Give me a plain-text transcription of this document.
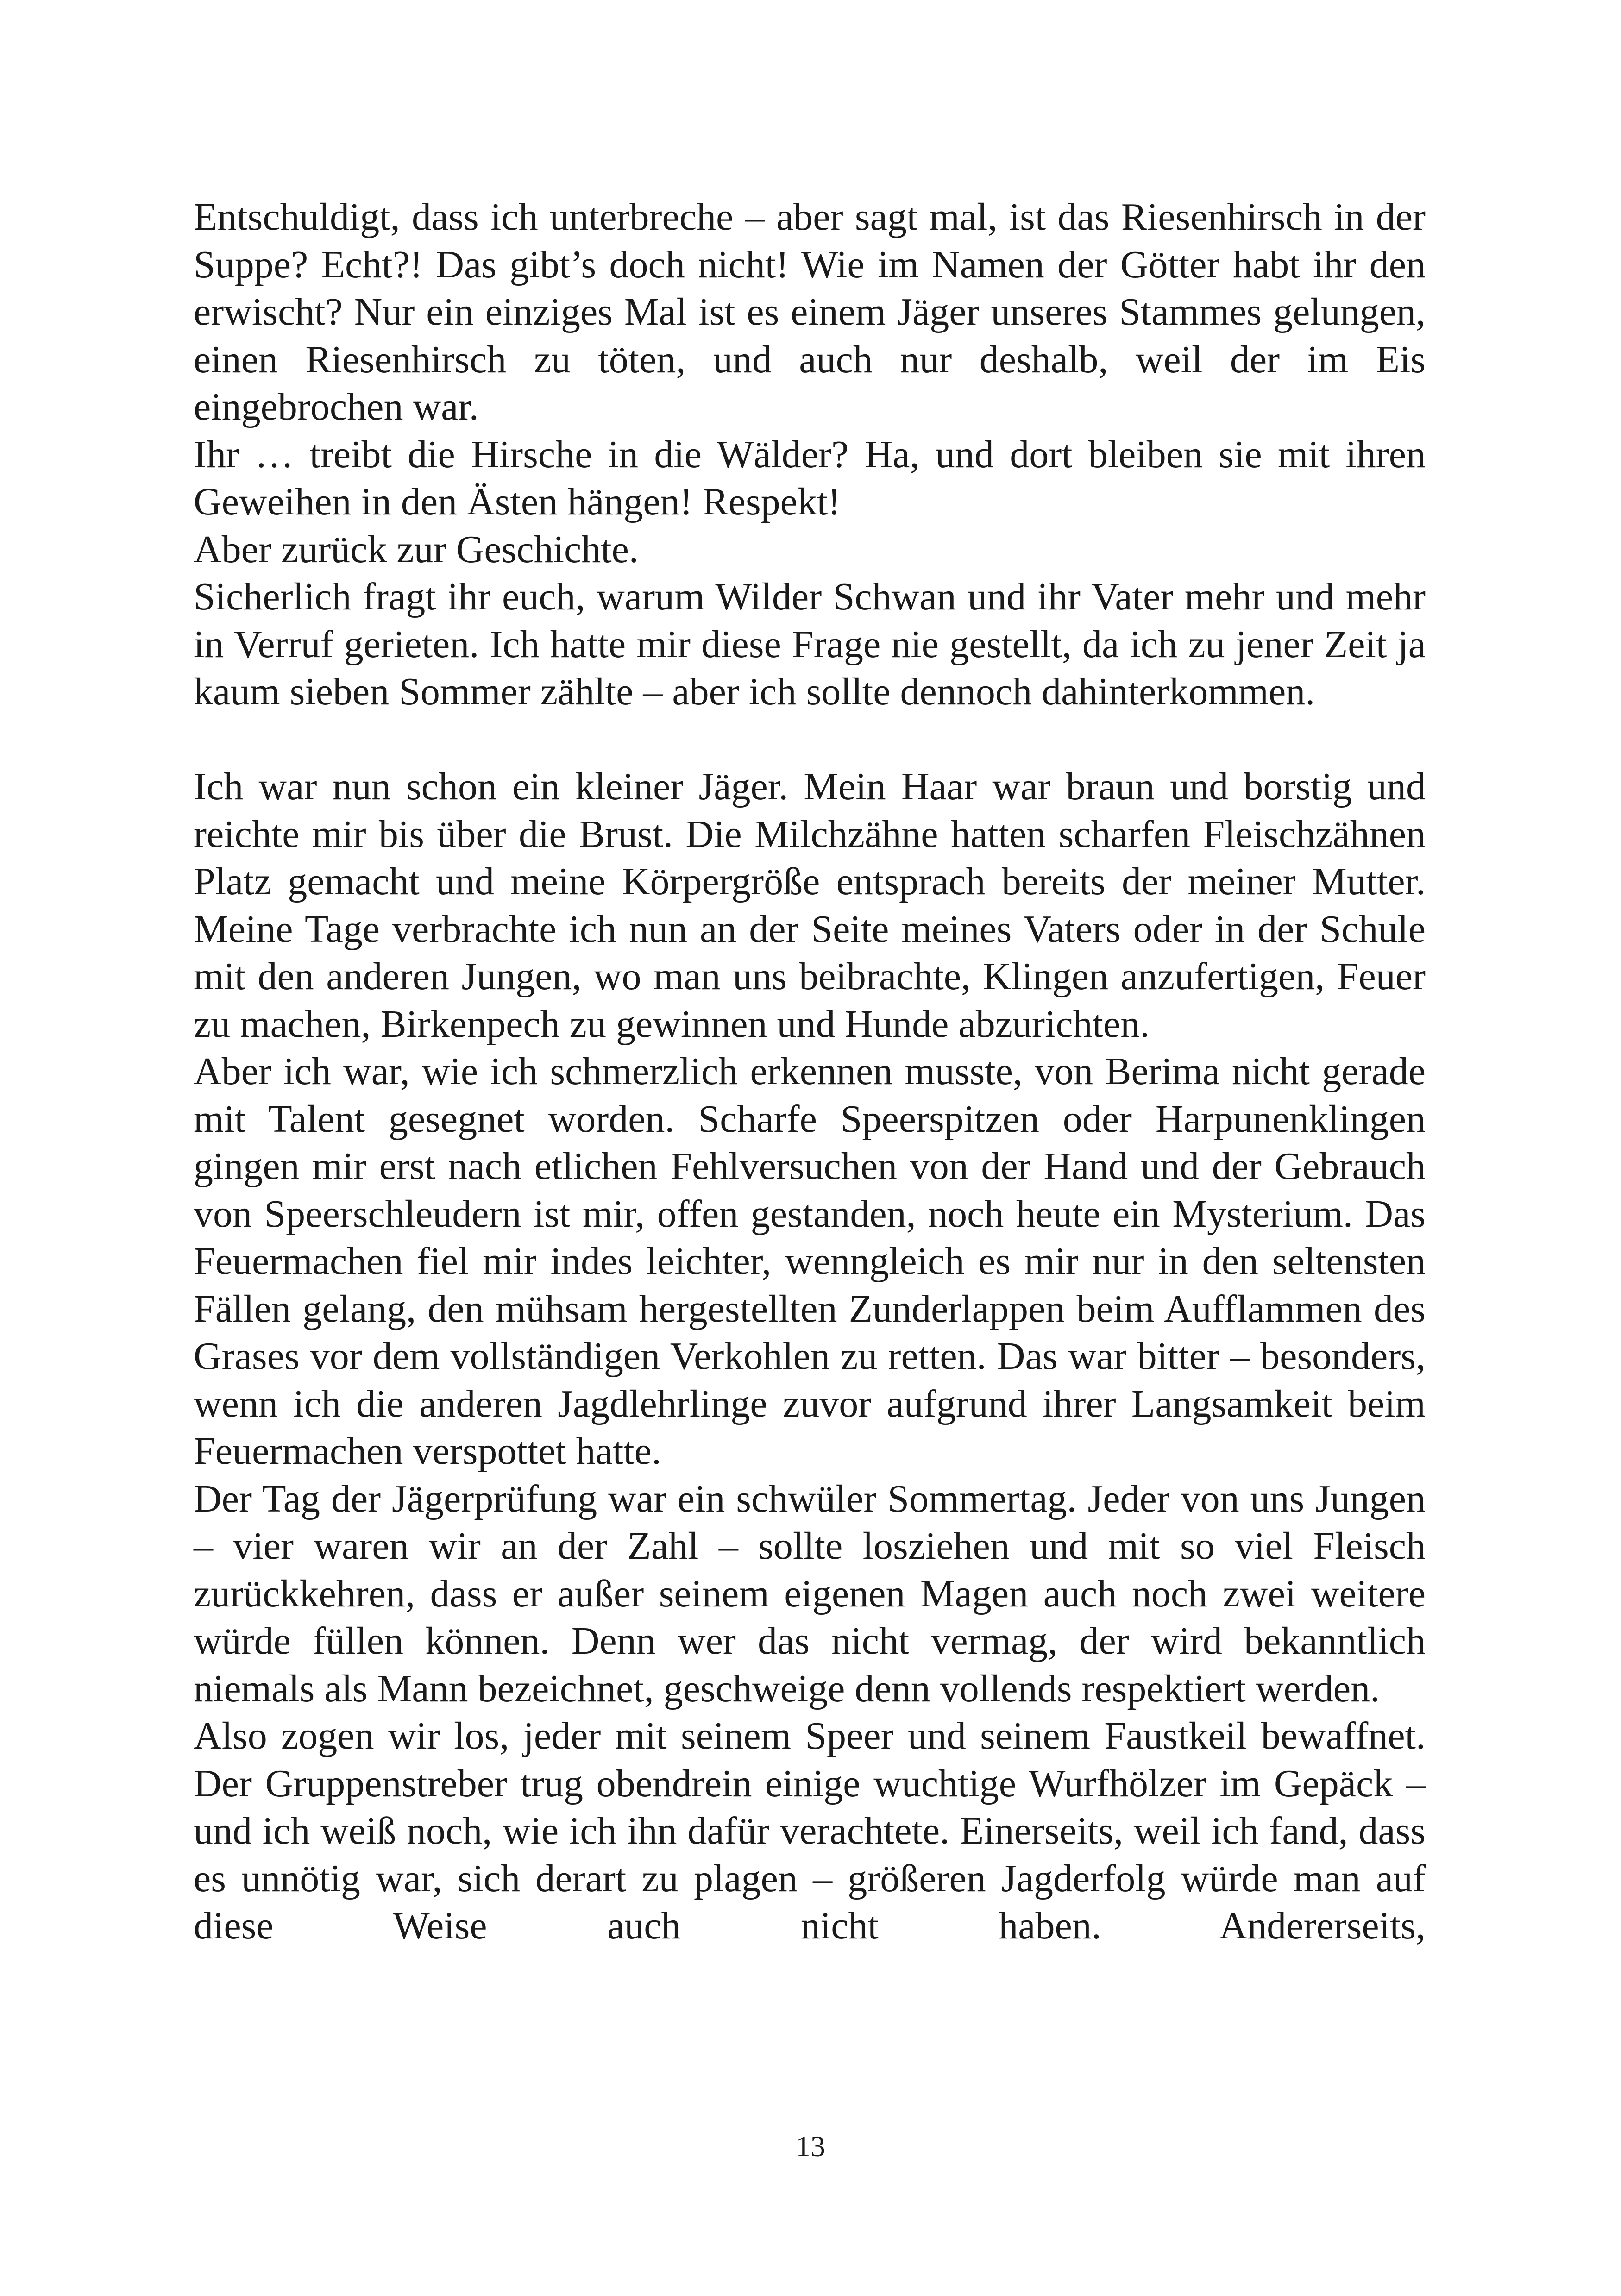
Entschuldigt, dass ich unterbreche – aber sagt mal, ist das Riesenhirsch in der Suppe? Echt?! Das gibt’s doch nicht! Wie im Namen der Götter habt ihr den erwischt? Nur ein einziges Mal ist es einem Jäger unseres Stammes gelungen, einen Riesenhirsch zu töten, und auch nur deshalb, weil der im Eis eingebrochen war.

Ihr … treibt die Hirsche in die Wälder? Ha, und dort bleiben sie mit ihren Geweihen in den Ästen hängen! Respekt!

Aber zurück zur Geschichte.

Sicherlich fragt ihr euch, warum Wilder Schwan und ihr Vater mehr und mehr in Verruf gerieten. Ich hatte mir diese Frage nie gestellt, da ich zu jener Zeit ja kaum sieben Sommer zählte – aber ich sollte dennoch dahinterkommen.

Ich war nun schon ein kleiner Jäger. Mein Haar war braun und borstig und reichte mir bis über die Brust. Die Milchzähne hatten scharfen Fleischzähnen Platz gemacht und meine Körpergröße entsprach bereits der meiner Mutter. Meine Tage verbrachte ich nun an der Seite meines Vaters oder in der Schule mit den anderen Jungen, wo man uns beibrachte, Klingen anzufertigen, Feuer zu machen, Birkenpech zu gewinnen und Hunde abzurichten.

Aber ich war, wie ich schmerzlich erkennen musste, von Berima nicht gerade mit Talent gesegnet worden. Scharfe Speerspitzen oder Harpunenklingen gingen mir erst nach etlichen Fehlversuchen von der Hand und der Gebrauch von Speerschleudern ist mir, offen gestanden, noch heute ein Mysterium. Das Feuermachen fiel mir indes leichter, wenngleich es mir nur in den seltensten Fällen gelang, den mühsam hergestellten Zunderlappen beim Aufflammen des Grases vor dem vollständigen Verkohlen zu retten. Das war bitter – besonders, wenn ich die anderen Jagdlehrlinge zuvor aufgrund ihrer Langsamkeit beim Feuermachen verspottet hatte.

Der Tag der Jägerprüfung war ein schwüler Sommertag. Jeder von uns Jungen – vier waren wir an der Zahl – sollte losziehen und mit so viel Fleisch zurückkehren, dass er außer seinem eigenen Magen auch noch zwei weitere würde füllen können. Denn wer das nicht vermag, der wird bekanntlich niemals als Mann bezeichnet, geschweige denn vollends respektiert werden.

Also zogen wir los, jeder mit seinem Speer und seinem Faustkeil bewaffnet. Der Gruppenstreber trug obendrein einige wuchtige Wurfhölzer im Gepäck – und ich weiß noch, wie ich ihn dafür verachtete. Einerseits, weil ich fand, dass es unnötig war, sich derart zu plagen – größeren Jagderfolg würde man auf diese Weise auch nicht haben. Andererseits,

13
